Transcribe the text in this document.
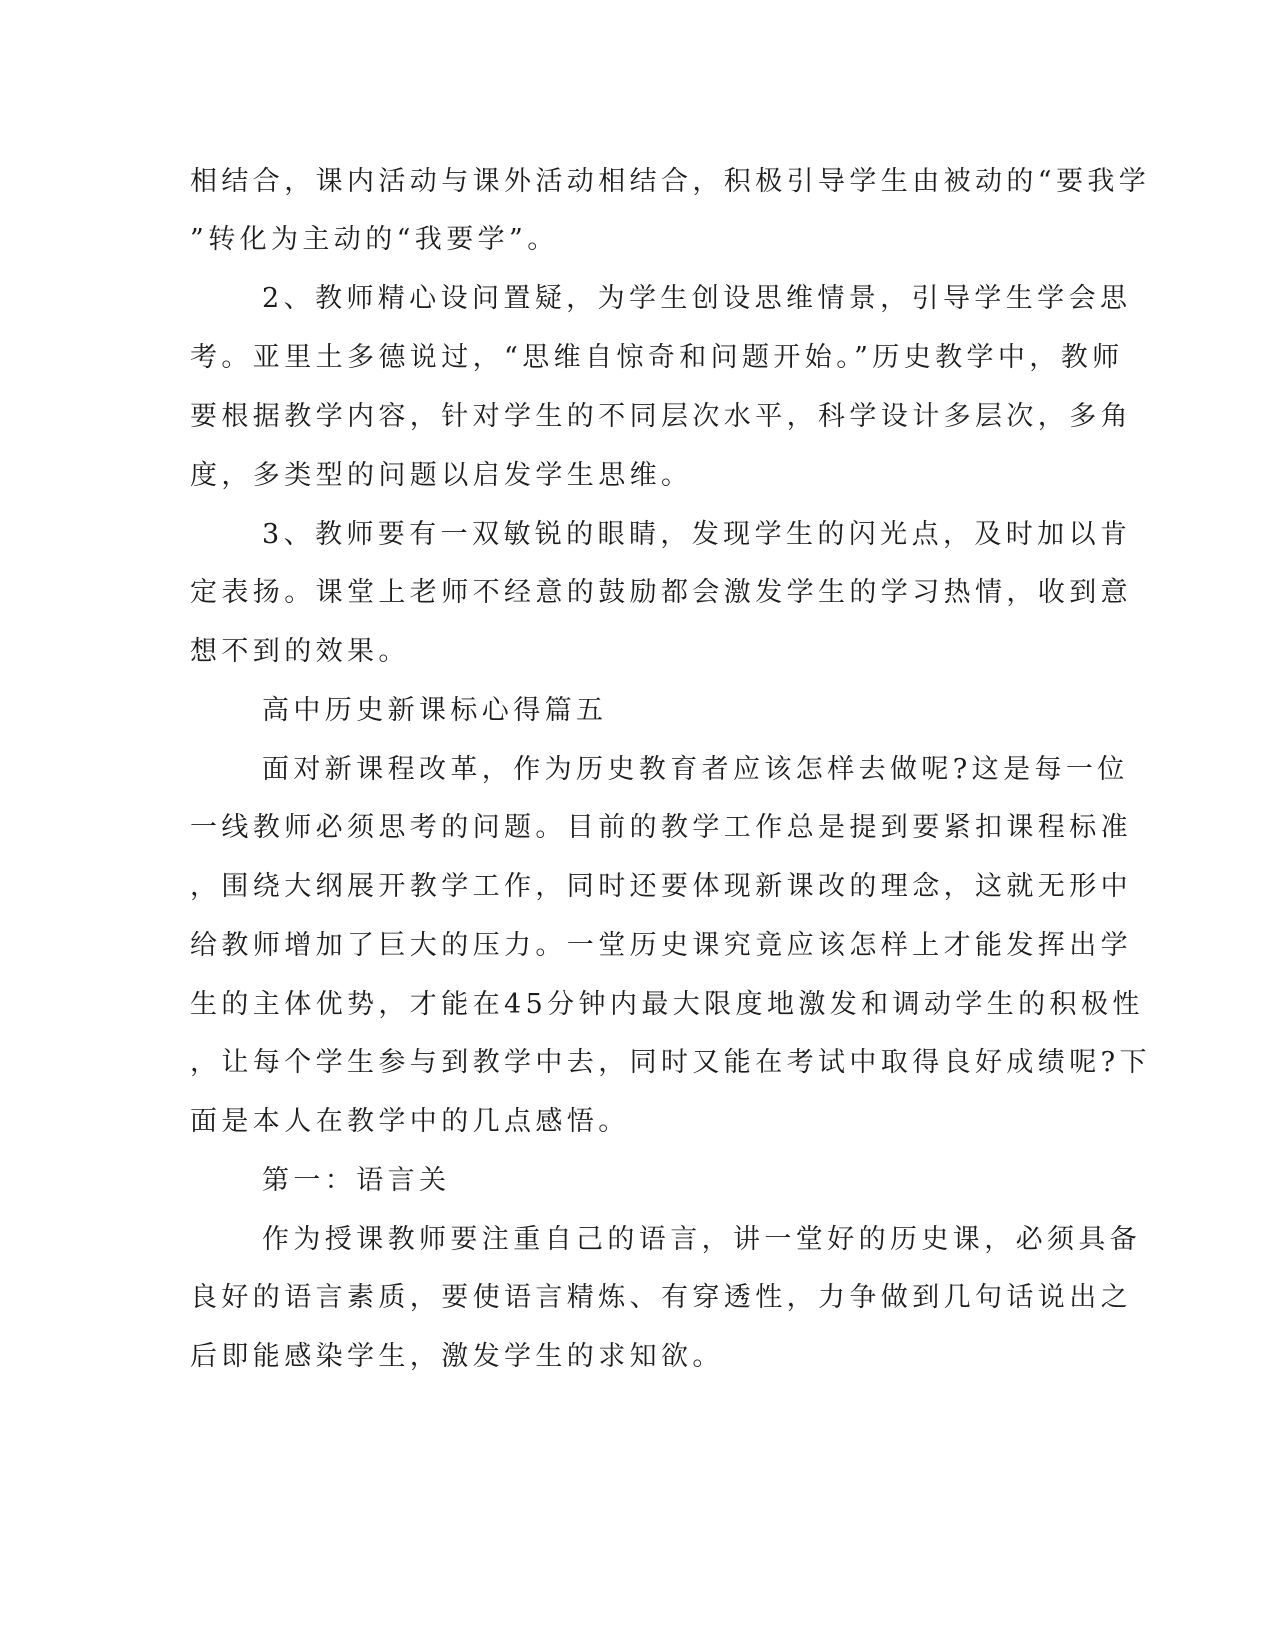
相结合，课内活动与课外活动相结合，积极引导学生由被动的“要我学
”转化为主动的“我要学”。
2、教师精心设问置疑，为学生创设思维情景，引导学生学会思
考。亚里土多德说过，“思维自惊奇和问题开始。”历史教学中，教师
要根据教学内容，针对学生的不同层次水平，科学设计多层次，多角
度，多类型的问题以启发学生思维。
3、教师要有一双敏锐的眼睛，发现学生的闪光点，及时加以肯
定表扬。课堂上老师不经意的鼓励都会激发学生的学习热情，收到意
想不到的效果。
高中历史新课标心得篇五
面对新课程改革，作为历史教育者应该怎样去做呢?这是每一位
一线教师必须思考的问题。目前的教学工作总是提到要紧扣课程标准
，围绕大纲展开教学工作，同时还要体现新课改的理念，这就无形中
给教师增加了巨大的压力。一堂历史课究竟应该怎样上才能发挥出学
生的主体优势，才能在45分钟内最大限度地激发和调动学生的积极性
，让每个学生参与到教学中去，同时又能在考试中取得良好成绩呢?下
面是本人在教学中的几点感悟。
第一：语言关
作为授课教师要注重自己的语言，讲一堂好的历史课，必须具备
良好的语言素质，要使语言精炼、有穿透性，力争做到几句话说出之
后即能感染学生，激发学生的求知欲。
